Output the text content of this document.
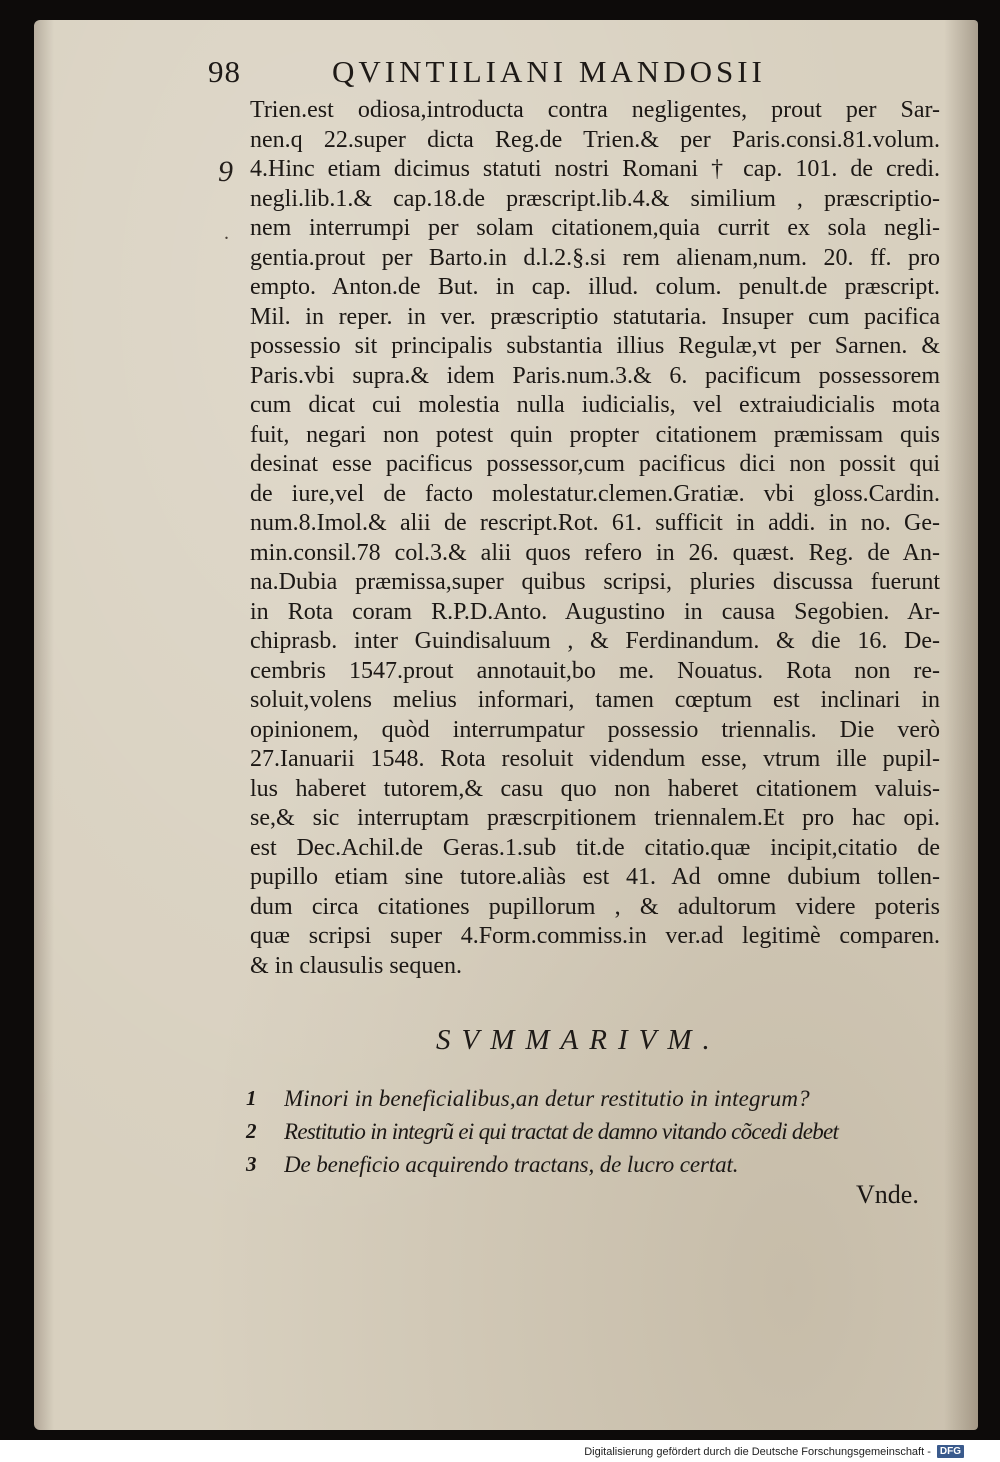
98	QVINTILIANI MANDOSII
9
.
Trien.est odiosa,introducta contra negligentes, prout per Sar-
nen.q 22.super dicta Reg.de Trien.& per Paris.consi.81.volum.
4.Hinc etiam dicimus statuti nostri Romani † cap. 101. de credi.
negli.lib.1.& cap.18.de præscript.lib.4.& similium , præscriptio-
nem interrumpi per solam citationem,quia currit ex sola negli-
gentia.prout per Barto.in d.l.2.§.si rem alienam,num. 20. ff. pro
empto. Anton.de But. in cap. illud. colum. penult.de præscript.
Mil. in reper. in ver. præscriptio statutaria. Insuper cum pacifica
possessio sit principalis substantia illius Regulæ,vt per Sarnen. &
Paris.vbi supra.& idem Paris.num.3.& 6. pacificum possessorem
cum dicat cui molestia nulla iudicialis, vel extraiudicialis mota
fuit, negari non potest quin propter citationem præmissam quis
desinat esse pacificus possessor,cum pacificus dici non possit qui
de iure,vel de facto molestatur.clemen.Gratiæ. vbi gloss.Cardin.
num.8.Imol.& alii de rescript.Rot. 61. sufficit in addi. in no. Ge-
min.consil.78 col.3.& alii quos refero in 26. quæst. Reg. de An-
na.Dubia præmissa,super quibus scripsi, pluries discussa fuerunt
in Rota coram R.P.D.Anto. Augustino in causa Segobien. Ar-
chiprasb. inter Guindisaluum , & Ferdinandum. & die 16. De-
cembris 1547.prout annotauit,bo me. Nouatus. Rota non re-
soluit,volens melius informari, tamen cœptum est inclinari in
opinionem, quòd interrumpatur possessio triennalis. Die verò
27.Ianuarii 1548. Rota resoluit videndum esse, vtrum ille pupil-
lus haberet tutorem,& casu quo non haberet citationem valuis-
se,& sic interruptam præscrpitionem triennalem.Et pro hac opi.
est Dec.Achil.de Geras.1.sub tit.de citatio.quæ incipit,citatio de
pupillo etiam sine tutore.aliàs est 41. Ad omne dubium tollen-
dum circa citationes pupillorum , & adultorum videre poteris
quæ scripsi super 4.Form.commiss.in ver.ad legitimè comparen.
& in clausulis sequen.
SVMMARIVM.
1	Minori in beneficialibus,an detur restitutio in integrum?
2	Restitutio in integrũ ei qui tractat de damno vitando cõcedi debet
3	De beneficio acquirendo tractans, de lucro certat.
Vnde.
Digitalisierung gefördert durch die Deutsche Forschungsgemeinschaft - DFG
